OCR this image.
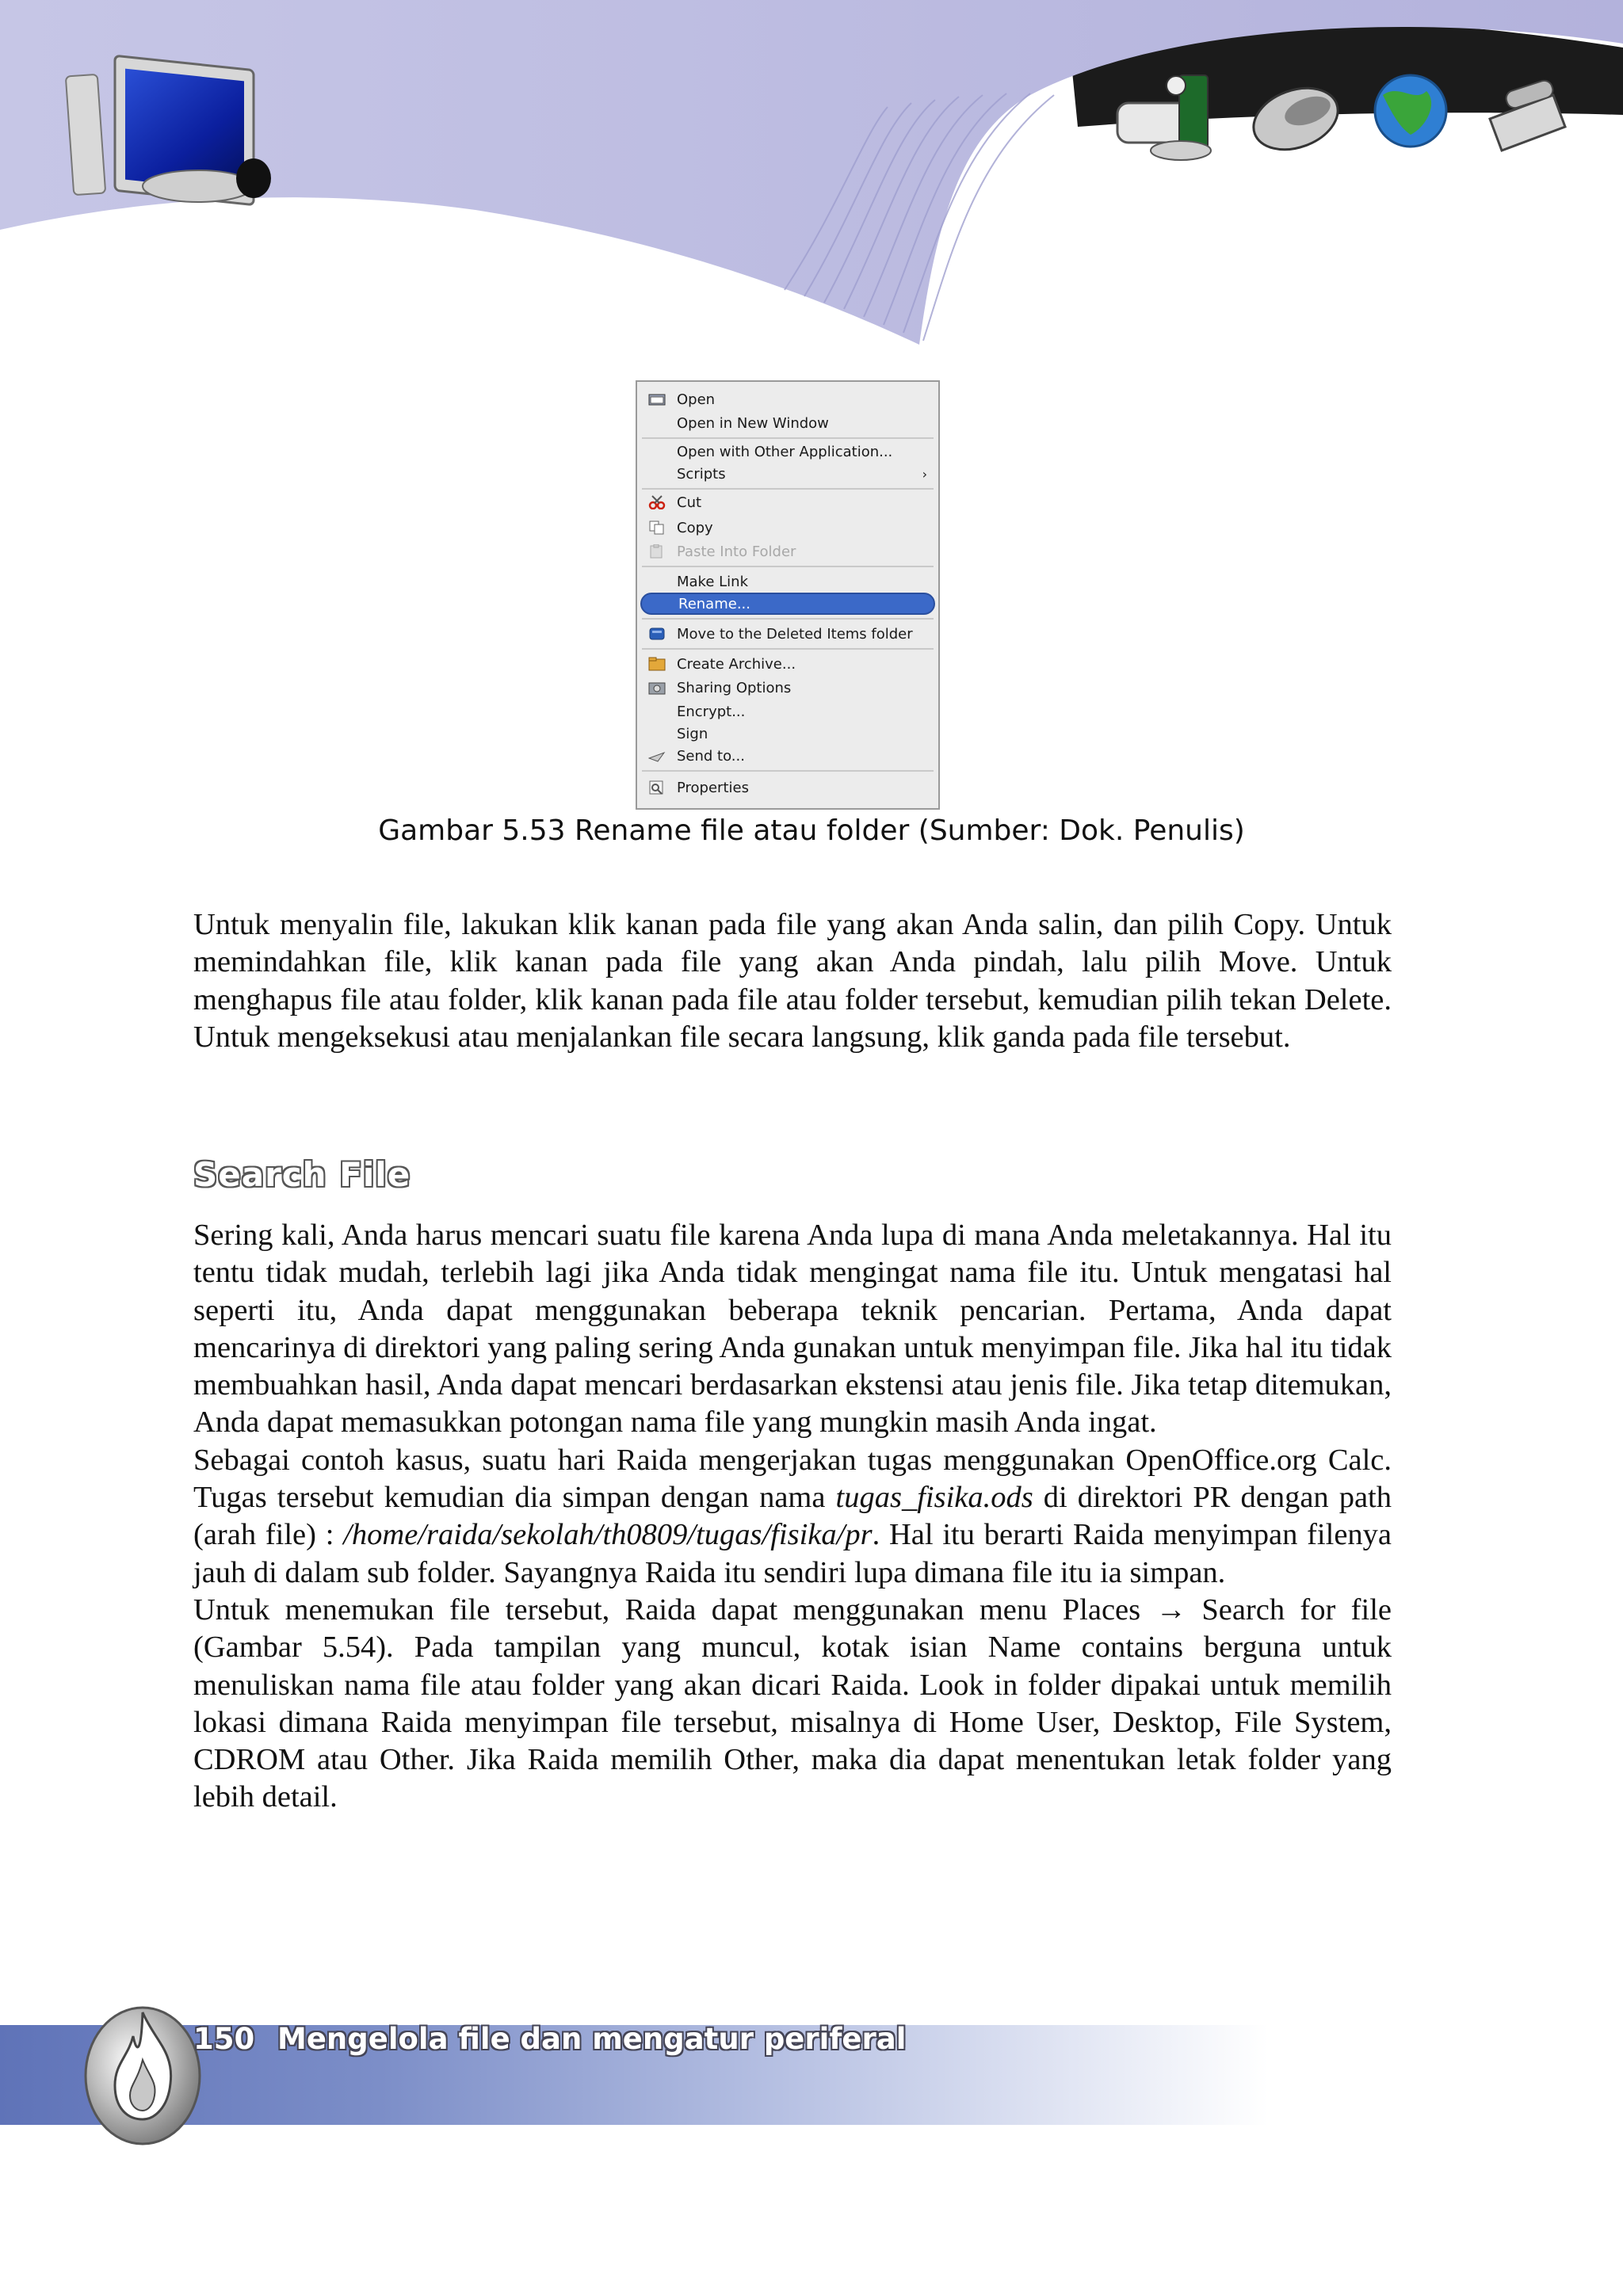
Open
Open in New Window
Open with Other Application...
Scripts	›
Cut
Copy
Paste Into Folder
Make Link
Rename...
Move to the Deleted Items folder
Create Archive...
Sharing Options
Encrypt...
Sign
Send to...
Properties
Gambar 5.53 Rename file atau folder (Sumber: Dok. Penulis)

Untuk menyalin file, lakukan klik kanan pada file yang akan Anda salin, dan pilih Copy. Untuk memindahkan file, klik kanan pada file yang akan Anda pindah, lalu pilih Move. Untuk menghapus file atau folder, klik kanan pada file atau folder tersebut, kemudian pilih tekan Delete. Untuk mengeksekusi atau menjalankan file secara langsung, klik ganda pada file tersebut.

Search File

Sering kali, Anda harus mencari suatu file karena Anda lupa di mana Anda meletakannya. Hal itu tentu tidak mudah, terlebih lagi jika Anda tidak mengingat nama file itu. Untuk mengatasi hal seperti itu, Anda dapat menggunakan beberapa teknik pencarian. Pertama, Anda dapat mencarinya di direktori yang paling sering Anda gunakan untuk menyimpan file. Jika hal itu tidak membuahkan hasil, Anda dapat mencari berdasarkan ekstensi atau jenis file. Jika tetap ditemukan, Anda dapat memasukkan potongan nama file yang mungkin masih Anda ingat.

Sebagai contoh kasus, suatu hari Raida mengerjakan tugas menggunakan OpenOffice.org Calc. Tugas tersebut kemudian dia simpan dengan nama tugas_fisika.ods di direktori PR dengan path (arah file) : /home/raida/sekolah/th0809/tugas/fisika/pr. Hal itu berarti Raida menyimpan filenya jauh di dalam sub folder. Sayangnya Raida itu sendiri lupa dimana file itu ia simpan.

Untuk menemukan file tersebut, Raida dapat menggunakan menu Places → Search for file (Gambar 5.54). Pada tampilan yang muncul, kotak isian Name contains berguna untuk menuliskan nama file atau folder yang akan dicari Raida. Look in folder dipakai untuk memilih lokasi dimana Raida menyimpan file tersebut, misalnya di Home User, Desktop, File System, CDROM atau Other. Jika Raida memilih Other, maka dia dapat menentukan letak folder yang lebih detail.

150 Mengelola file dan mengatur periferal
